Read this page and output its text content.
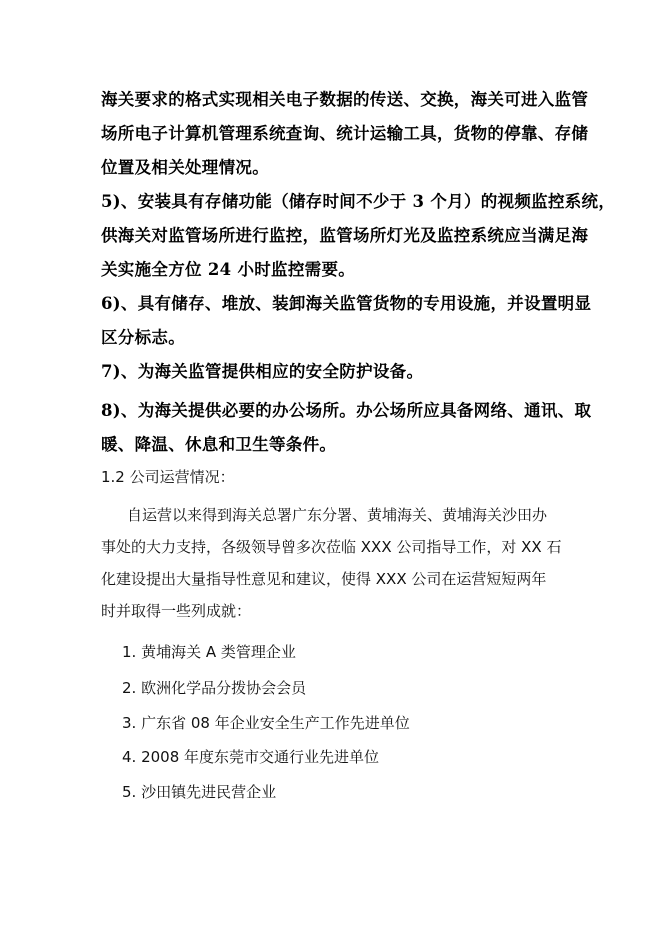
海关要求的格式实现相关电子数据的传送、交换，海关可进入监管
场所电子计算机管理系统查询、统计运输工具，货物的停靠、存储
位置及相关处理情况。
5)、安装具有存储功能（储存时间不少于 3 个月）的视频监控系统，
供海关对监管场所进行监控，监管场所灯光及监控系统应当满足海
关实施全方位 24 小时监控需要。
6)、具有储存、堆放、装卸海关监管货物的专用设施，并设置明显
区分标志。
7)、为海关监管提供相应的安全防护设备。
8)、为海关提供必要的办公场所。办公场所应具备网络、通讯、取
暖、降温、休息和卫生等条件。
1.2 公司运营情况：
自运营以来得到海关总署广东分署、黄埔海关、黄埔海关沙田办
事处的大力支持，各级领导曾多次莅临 XXX 公司指导工作，对 XX 石
化建设提出大量指导性意见和建议，使得 XXX 公司在运营短短两年
时并取得一些列成就：
1. 黄埔海关 A 类管理企业
2. 欧洲化学品分拨协会会员
3. 广东省 08 年企业安全生产工作先进单位
4. 2008 年度东莞市交通行业先进单位
5. 沙田镇先进民营企业
